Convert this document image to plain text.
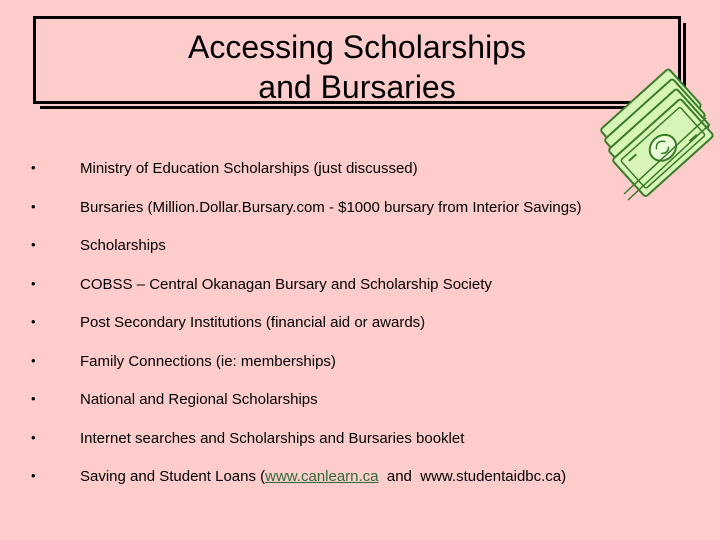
Accessing Scholarships
and Bursaries
•	Ministry of Education Scholarships (just discussed)
•	Bursaries (Million.Dollar.Bursary.com - $1000 bursary from Interior Savings)
•	Scholarships
•	COBSS – Central Okanagan Bursary and Scholarship Society
•	Post Secondary Institutions (financial aid or awards)
•	Family Connections (ie: memberships)
•	National and Regional Scholarships
•	Internet searches and Scholarships and Bursaries booklet
•	Saving and Student Loans (www.canlearn.ca  and  www.studentaidbc.ca)
